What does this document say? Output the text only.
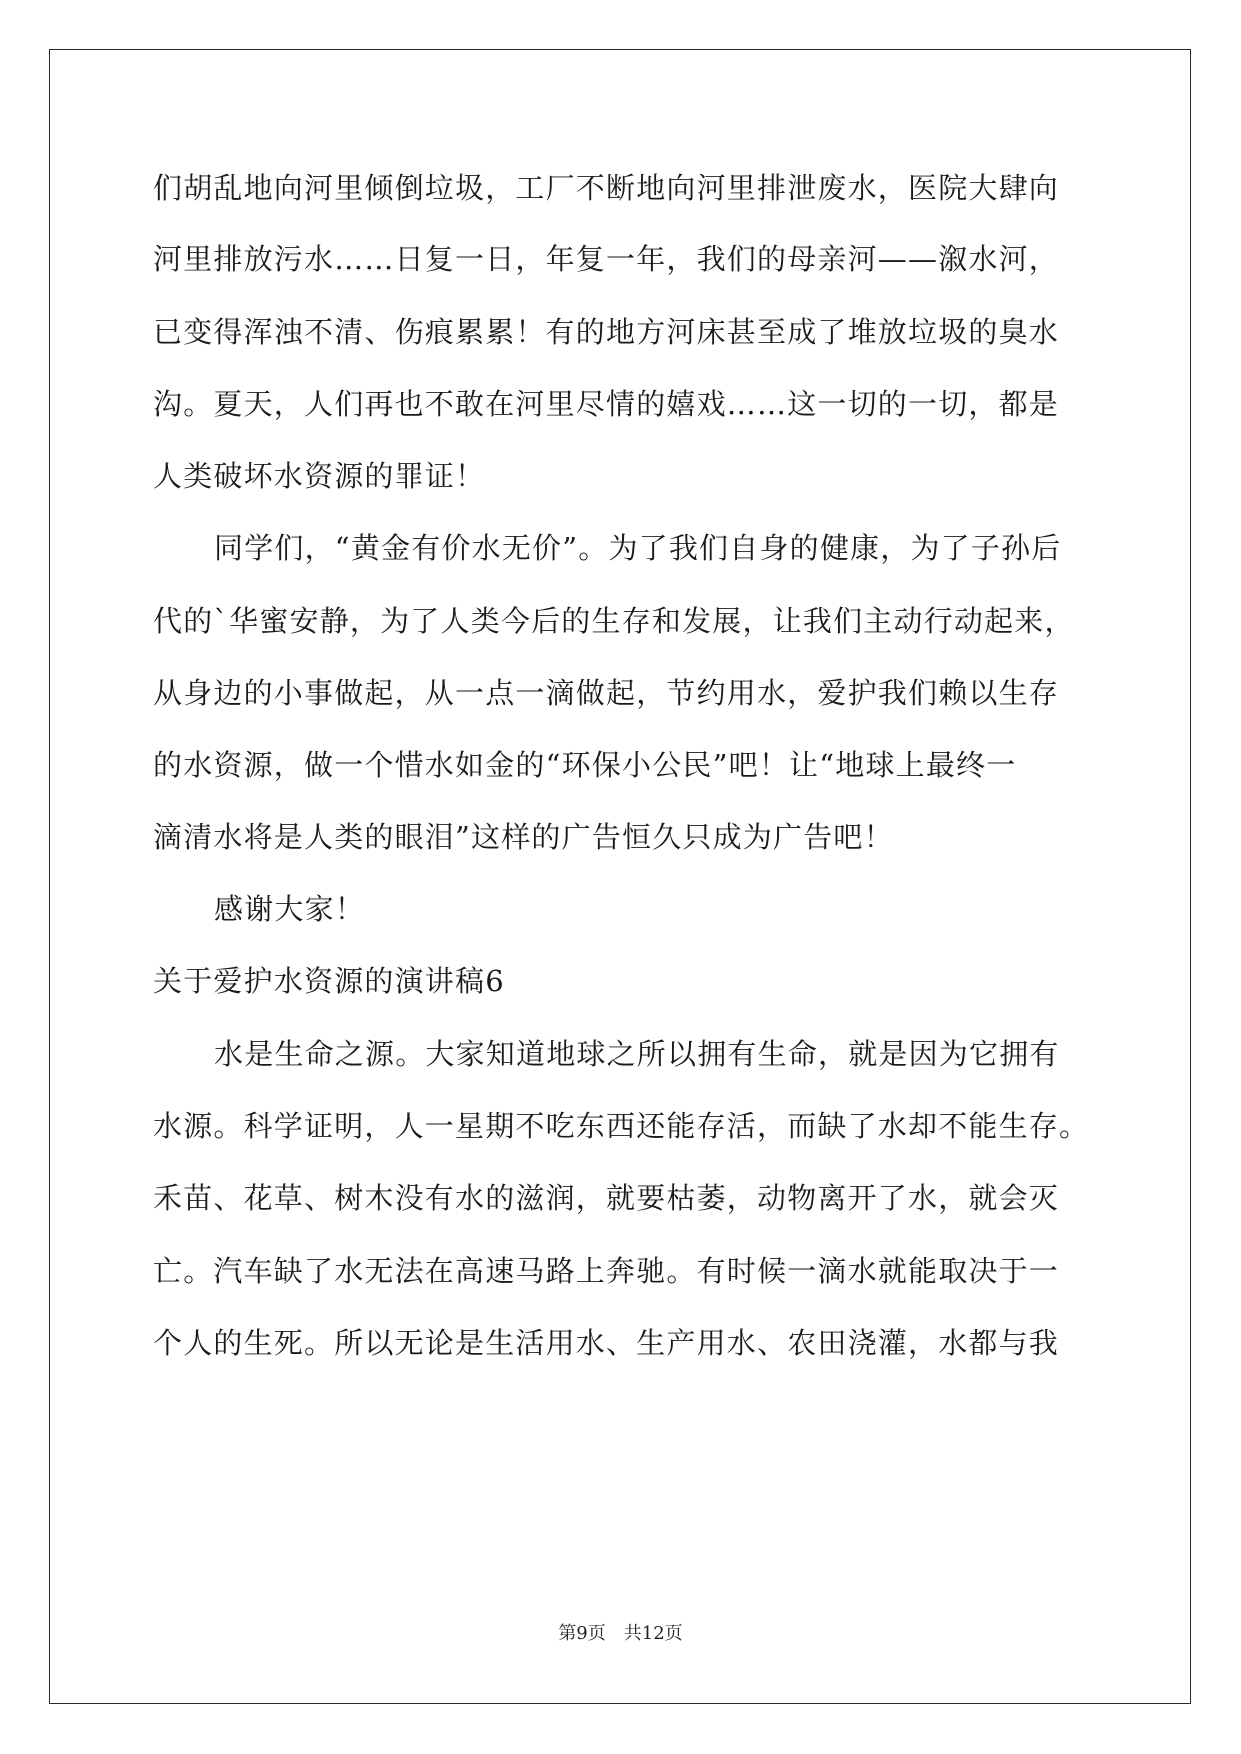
们胡乱地向河里倾倒垃圾，工厂不断地向河里排泄废水，医院大肆向
河里排放污水……日复一日，年复一年，我们的母亲河——溆水河，
已变得浑浊不清、伤痕累累！有的地方河床甚至成了堆放垃圾的臭水
沟。夏天，人们再也不敢在河里尽情的嬉戏……这一切的一切，都是
人类破坏水资源的罪证！
同学们，“黄金有价水无价”。为了我们自身的健康，为了子孙后
代的`华蜜安静，为了人类今后的生存和发展，让我们主动行动起来，
从身边的小事做起，从一点一滴做起，节约用水，爱护我们赖以生存
的水资源，做一个惜水如金的“环保小公民”吧！让“地球上最终一
滴清水将是人类的眼泪”这样的广告恒久只成为广告吧！
感谢大家！
关于爱护水资源的演讲稿6
水是生命之源。大家知道地球之所以拥有生命，就是因为它拥有
水源。科学证明，人一星期不吃东西还能存活，而缺了水却不能生存。
禾苗、花草、树木没有水的滋润，就要枯萎，动物离开了水，就会灭
亡。汽车缺了水无法在高速马路上奔驰。有时候一滴水就能取决于一
个人的生死。所以无论是生活用水、生产用水、农田浇灌，水都与我
第9页 共12页
